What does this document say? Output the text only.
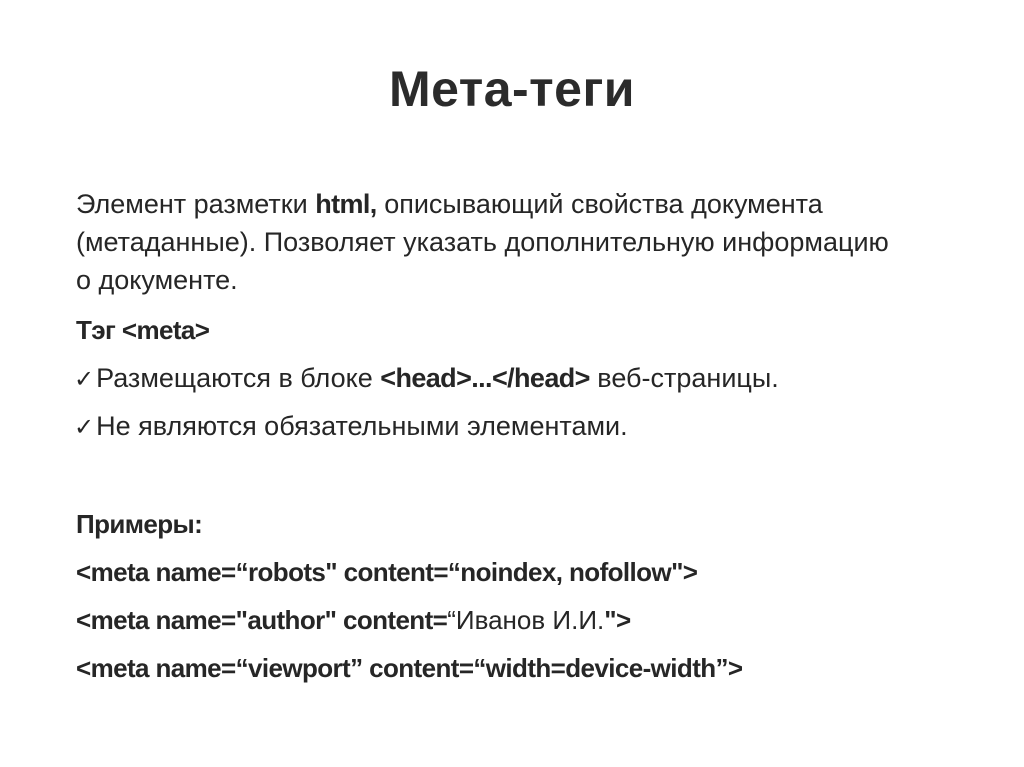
Мета-теги
Элемент разметки html, описывающий свойства документа
(метаданные). Позволяет указать дополнительную информацию
о документе.
Тэг <meta>
✓Размещаются в блоке <head>...</head> веб-страницы.
✓Не являются обязательными элементами.
Примеры:
<meta name=“robots" content=“noindex, nofollow">
<meta name="author" content=“Иванов И.И.">
<meta name=“viewport” content=“width=device-width”>
